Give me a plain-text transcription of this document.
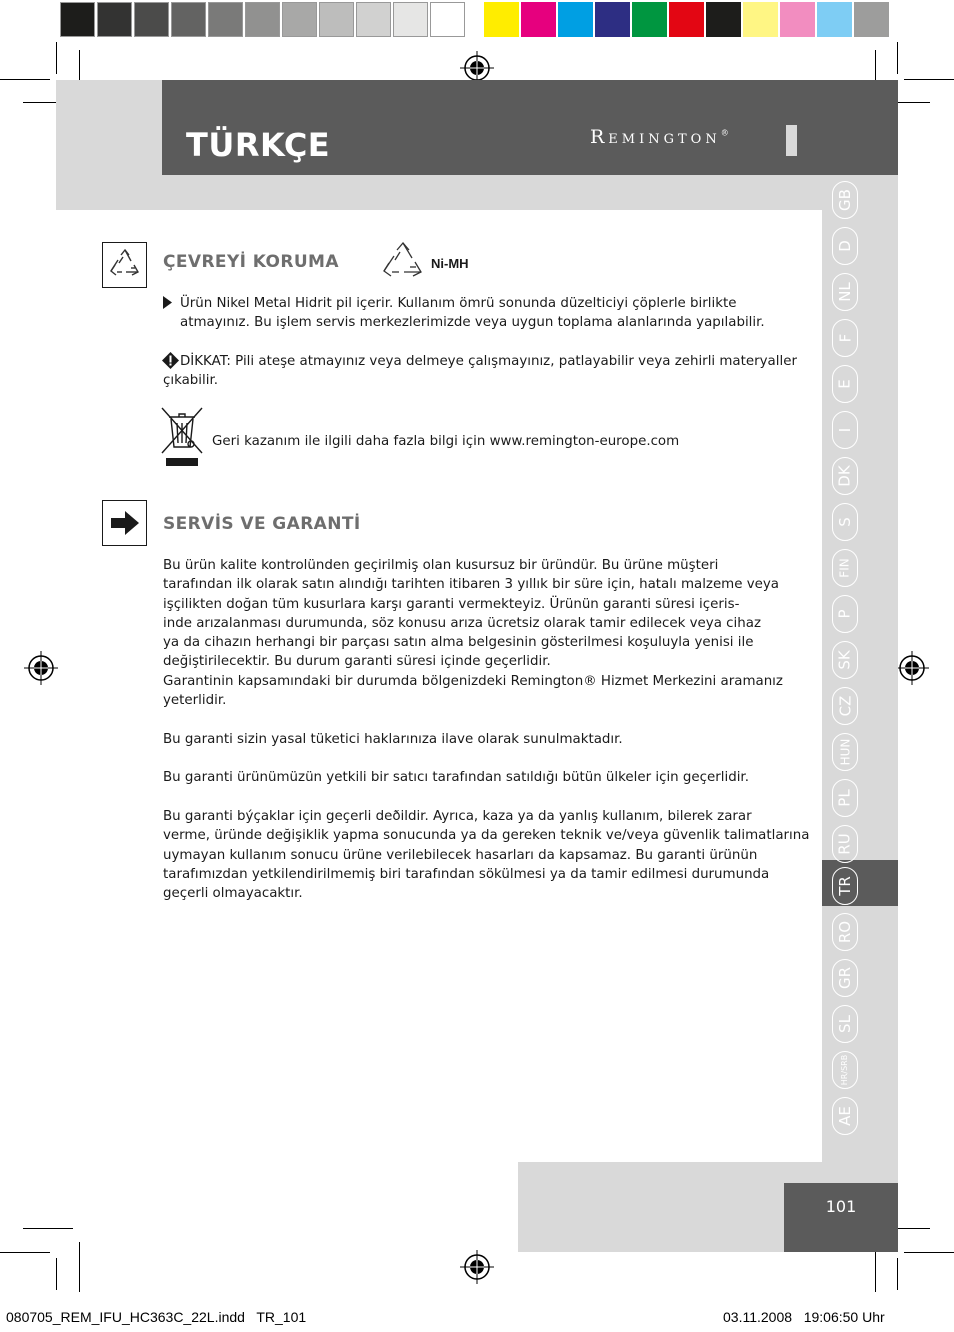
TÜRKÇE	Remington®
GB
D
NL
F
E
I
DK
S
FIN
P
SK
CZ
HUN
PL
RU
TR
RO
GR
SL
HR/SRB
AE
ÇEVREYİ KORUMA	Ni-MH

Ürün Nikel Metal Hidrit pil içerir. Kullanım ömrü sonunda düzelticiyi çöplerle birlikte
atmayınız. Bu işlem servis merkezlerimizde veya uygun toplama alanlarında yapılabilir.

DİKKAT: Pili ateşe atmayınız veya delmeye çalışmayınız, patlayabilir veya zehirli materyaller
çıkabilir.

Geri kazanım ile ilgili daha fazla bilgi için www.remington-europe.com
SERVİS VE GARANTİ

Bu ürün kalite kontrolünden geçirilmiş olan kusursuz bir üründür. Bu ürüne müşteri
tarafından ilk olarak satın alındığı tarihten itibaren 3 yıllık bir süre için, hatalı malzeme veya
işçilikten doğan tüm kusurlara karşı garanti vermekteyiz. Ürünün garanti süresi içeris-
inde arızalanması durumunda, söz konusu arıza ücretsiz olarak tamir edilecek veya cihaz
ya da cihazın herhangi bir parçası satın alma belgesinin gösterilmesi koşuluyla yenisi ile
değiştirilecektir. Bu durum garanti süresi içinde geçerlidir.
Garantinin kapsamındaki bir durumda bölgenizdeki Remington® Hizmet Merkezini aramanız
yeterlidir.

Bu garanti sizin yasal tüketici haklarınıza ilave olarak sunulmaktadır.
Bu garanti ürünümüzün yetkili bir satıcı tarafından satıldığı bütün ülkeler için geçerlidir.

Bu garanti býçaklar için geçerli deðildir. Ayrıca, kaza ya da yanlış kullanım, bilerek zarar
verme, üründe değişiklik yapma sonucunda ya da gereken teknik ve/veya güvenlik talimatlarına
uymayan kullanım sonucu ürüne verilebilecek hasarları da kapsamaz. Bu garanti ürünün
tarafımızdan yetkilendirilmemiş biri tarafından sökülmesi ya da tamir edilmesi durumunda
geçerli olmayacaktır.

101
080705_REM_IFU_HC363C_22L.indd   TR_101	03.11.2008   19:06:50 Uhr
